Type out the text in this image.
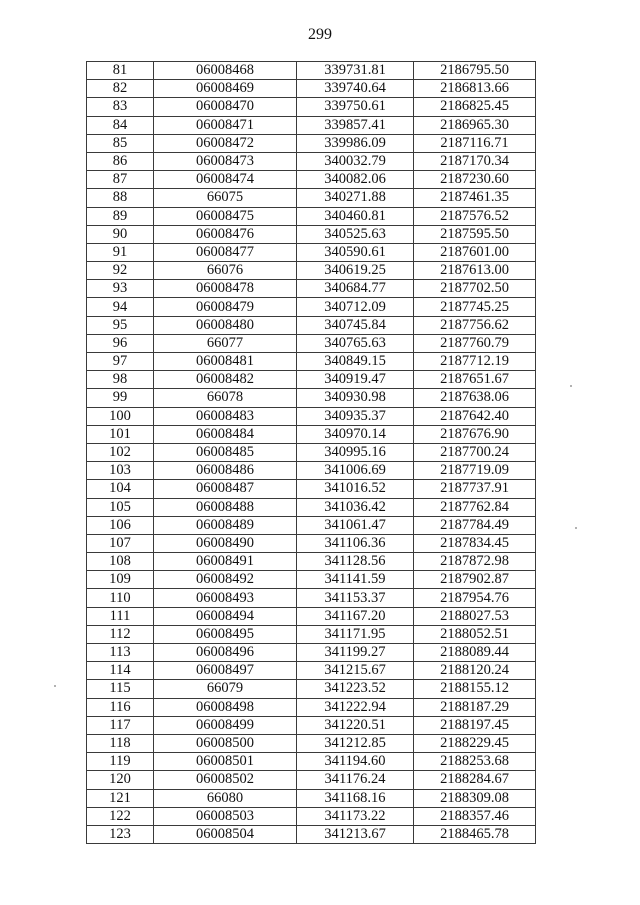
299
81	06008468	339731.81	2186795.50
82	06008469	339740.64	2186813.66
83	06008470	339750.61	2186825.45
84	06008471	339857.41	2186965.30
85	06008472	339986.09	2187116.71
86	06008473	340032.79	2187170.34
87	06008474	340082.06	2187230.60
88	66075	340271.88	2187461.35
89	06008475	340460.81	2187576.52
90	06008476	340525.63	2187595.50
91	06008477	340590.61	2187601.00
92	66076	340619.25	2187613.00
93	06008478	340684.77	2187702.50
94	06008479	340712.09	2187745.25
95	06008480	340745.84	2187756.62
96	66077	340765.63	2187760.79
97	06008481	340849.15	2187712.19
98	06008482	340919.47	2187651.67
99	66078	340930.98	2187638.06
100	06008483	340935.37	2187642.40
101	06008484	340970.14	2187676.90
102	06008485	340995.16	2187700.24
103	06008486	341006.69	2187719.09
104	06008487	341016.52	2187737.91
105	06008488	341036.42	2187762.84
106	06008489	341061.47	2187784.49
107	06008490	341106.36	2187834.45
108	06008491	341128.56	2187872.98
109	06008492	341141.59	2187902.87
110	06008493	341153.37	2187954.76
111	06008494	341167.20	2188027.53
112	06008495	341171.95	2188052.51
113	06008496	341199.27	2188089.44
114	06008497	341215.67	2188120.24
115	66079	341223.52	2188155.12
116	06008498	341222.94	2188187.29
117	06008499	341220.51	2188197.45
118	06008500	341212.85	2188229.45
119	06008501	341194.60	2188253.68
120	06008502	341176.24	2188284.67
121	66080	341168.16	2188309.08
122	06008503	341173.22	2188357.46
123	06008504	341213.67	2188465.78
